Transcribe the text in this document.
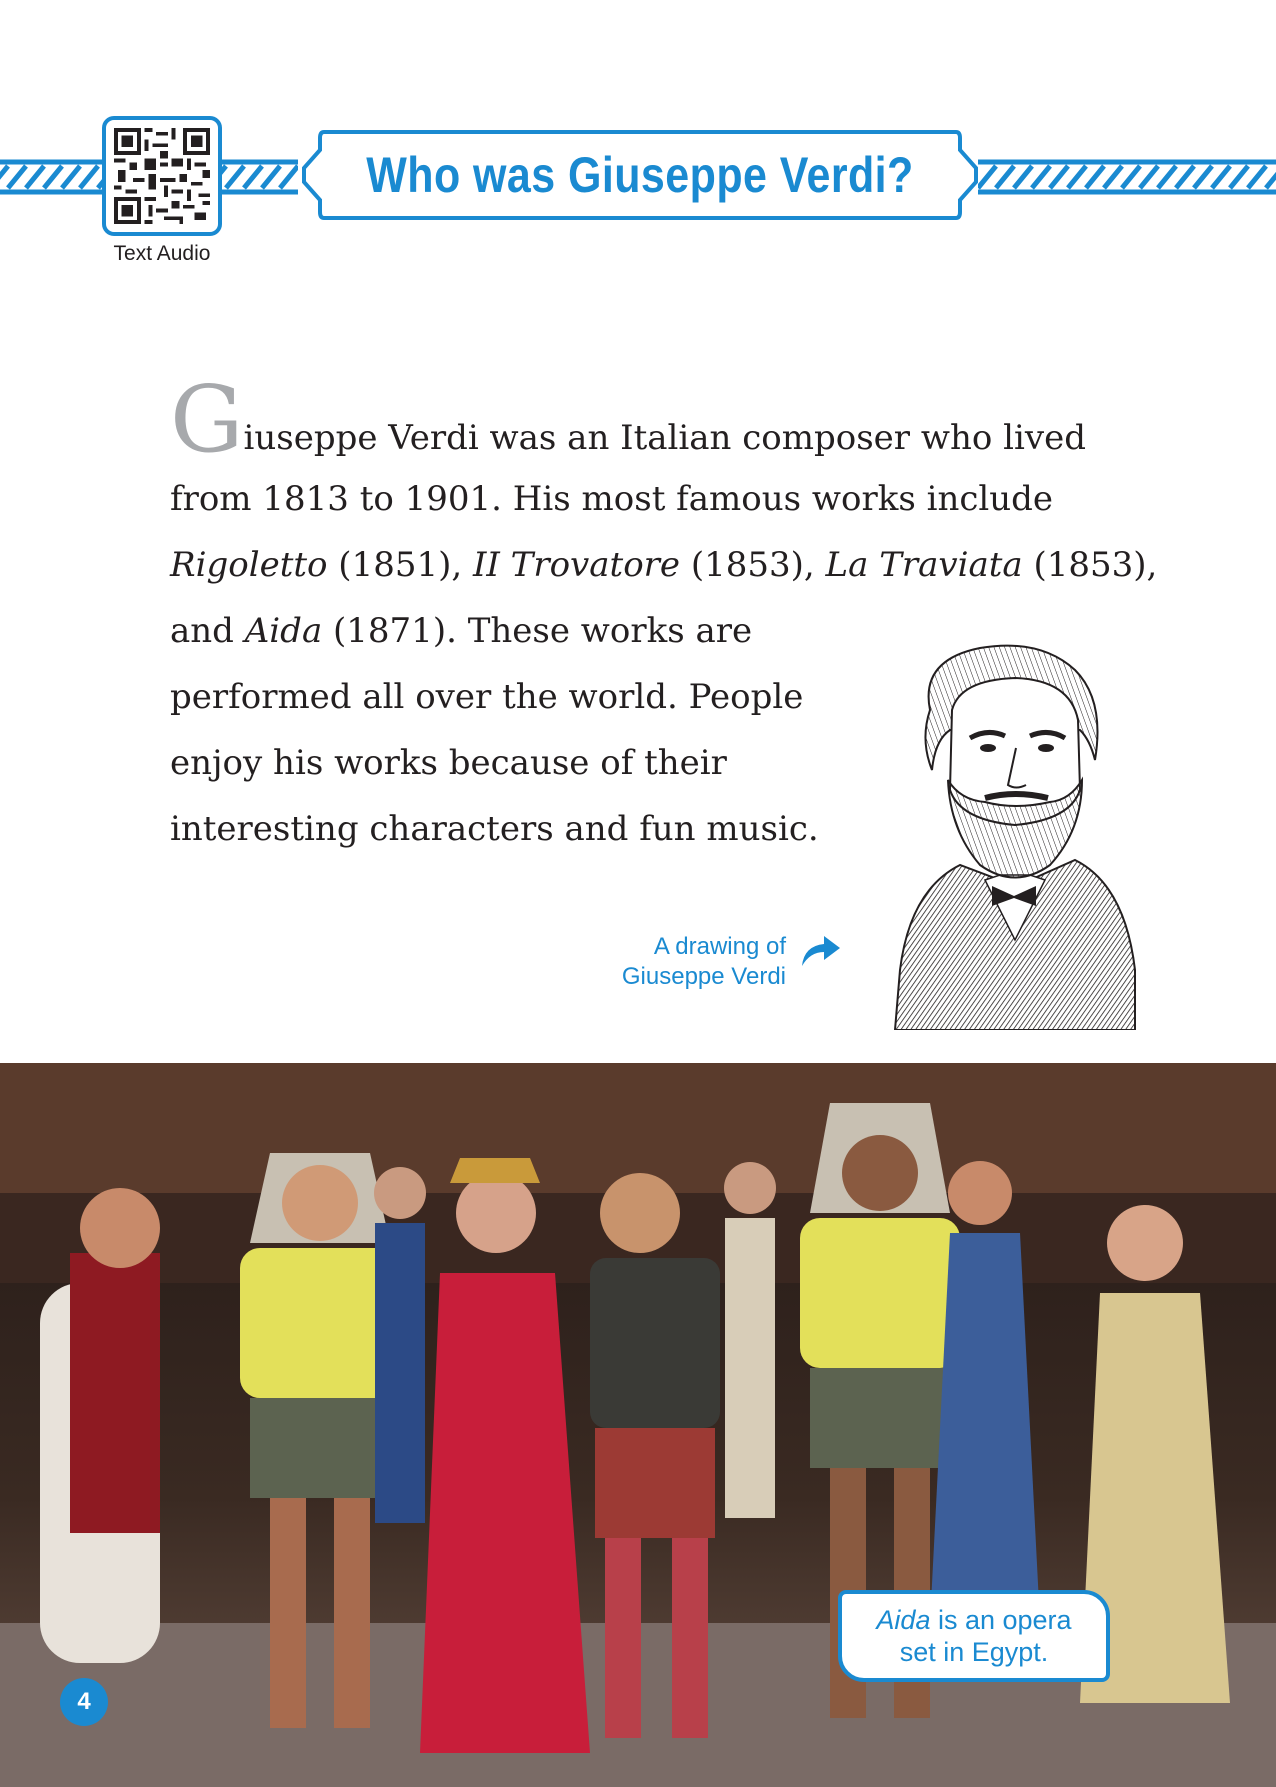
Text Audio
Who was Giuseppe Verdi?
Giuseppe Verdi was an Italian composer who lived
from 1813 to 1901. His most famous works include
Rigoletto (1851), II Trovatore (1853), La Traviata (1853),
and Aida (1871). These works are
performed all over the world. People
enjoy his works because of their
interesting characters and fun music.
A drawing of
Giuseppe Verdi
Aida is an opera
set in Egypt.
4
